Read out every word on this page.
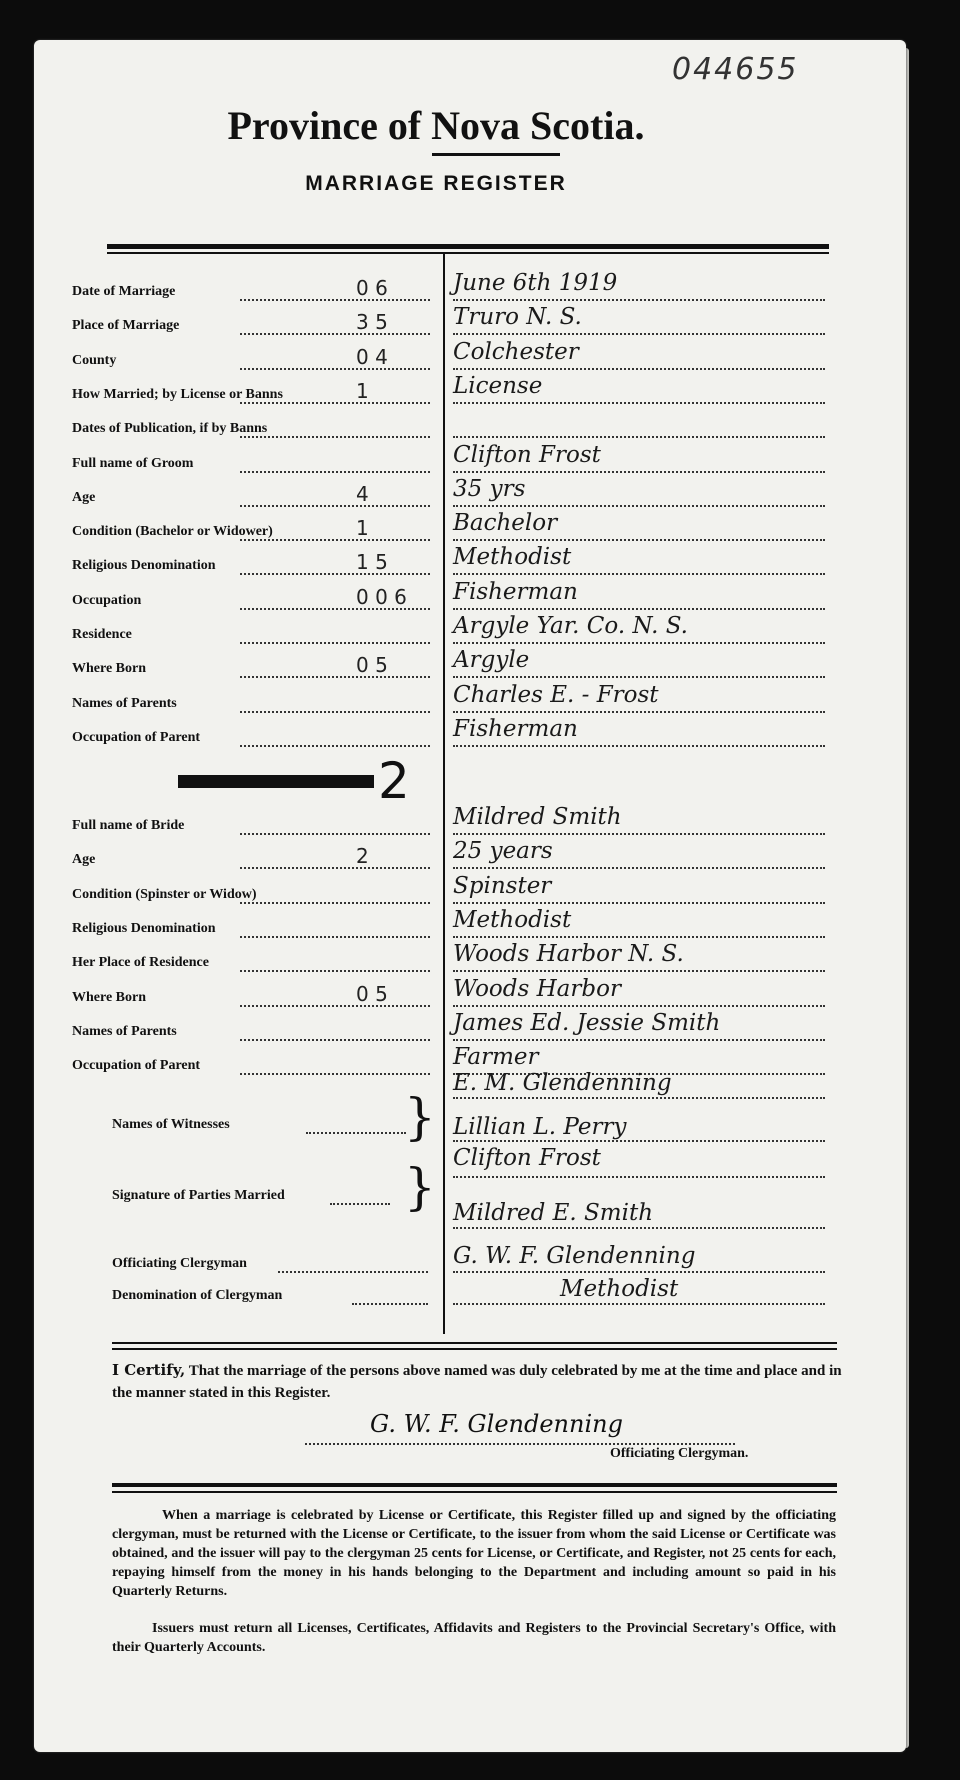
044655
Province of Nova Scotia.
MARRIAGE REGISTER
Date of Marriage	0 6	June 6th 1919
Place of Marriage	3 5	Truro N. S.
County	0 4	Colchester
How Married; by License or Banns	1	License
Dates of Publication, if by Banns
Full name of Groom	Clifton Frost
Age	4	35 yrs
Condition (Bachelor or Widower)	1	Bachelor
Religious Denomination	1 5	Methodist
Occupation	0 0 6 Fisherman
Residence	Argyle Yar. Co. N. S.
Where Born	0 5	Argyle
Names of Parents	Charles E. - Frost
Occupation of Parent	Fisherman
Full name of Bride	Mildred Smith
Age	2	25 years
Condition (Spinster or Widow)	Spinster
Religious Denomination	Methodist
Her Place of Residence	Woods Harbor N. S.
Where Born	0 5	Woods Harbor
Names of Parents	James Ed. Jessie Smith
Occupation of Parent	Farmer
2
Names of Witnesses	}
E. M. Glendenning
Lillian L. Perry
Signature of Parties Married } Clifton Frost
Mildred E. Smith
Officiating Clergyman	G. W. F. Glendenning
Denomination of Clergyman	Methodist
I Certify, That the marriage of the persons above named was duly celebrated by me at the time and place and in the manner stated in this Register.
G. W. F. Glendenning
Officiating Clergyman.
When a marriage is celebrated by License or Certificate, this Register filled up and signed by the officiating clergyman, must be returned with the License or Certificate, to the issuer from whom the said License or Certificate was obtained, and the issuer will pay to the clergyman 25 cents for License, or Certificate, and Register, not 25 cents for each, repaying himself from the money in his hands belonging to the Department and including amount so paid in his Quarterly Returns.
Issuers must return all Licenses, Certificates, Affidavits and Registers to the Provincial Secretary's Office, with their Quarterly Accounts.
